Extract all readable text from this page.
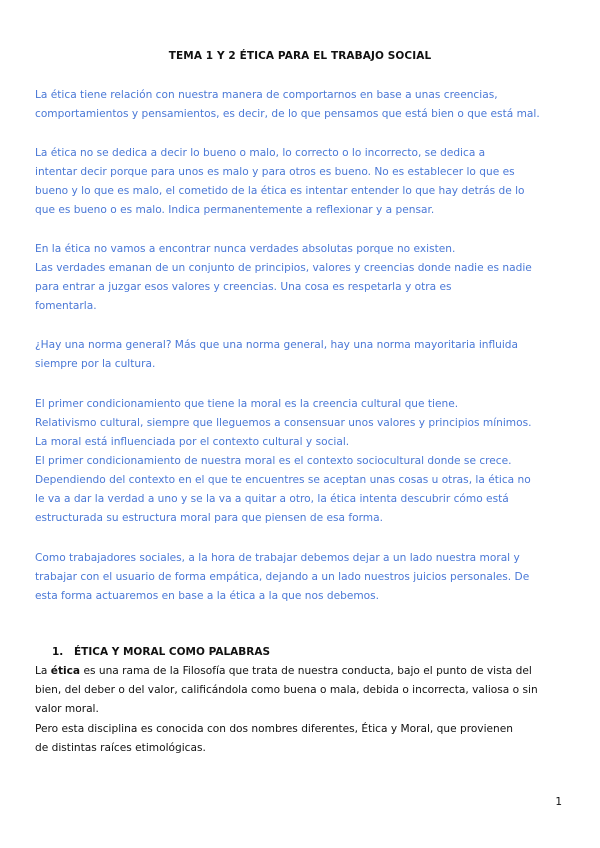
TEMA 1 Y 2 ÉTICA PARA EL TRABAJO SOCIAL

La ética tiene relación con nuestra manera de comportarnos en base a unas creencias,
comportamientos y pensamientos, es decir, de lo que pensamos que está bien o que está mal.

La ética no se dedica a decir lo bueno o malo, lo correcto o lo incorrecto, se dedica a
intentar decir porque para unos es malo y para otros es bueno. No es establecer lo que es
bueno y lo que es malo, el cometido de la ética es intentar entender lo que hay detrás de lo
que es bueno o es malo. Indica permanentemente a reflexionar y a pensar.

En la ética no vamos a encontrar nunca verdades absolutas porque no existen.
Las verdades emanan de un conjunto de principios, valores y creencias donde nadie es nadie
para entrar a juzgar esos valores y creencias. Una cosa es respetarla y otra es
fomentarla.

¿Hay una norma general? Más que una norma general, hay una norma mayoritaria influida
siempre por la cultura.

El primer condicionamiento que tiene la moral es la creencia cultural que tiene.
Relativismo cultural, siempre que lleguemos a consensuar unos valores y principios mínimos.
La moral está influenciada por el contexto cultural y social.
El primer condicionamiento de nuestra moral es el contexto sociocultural donde se crece.
Dependiendo del contexto en el que te encuentres se aceptan unas cosas u otras, la ética no
le va a dar la verdad a uno y se la va a quitar a otro, la ética intenta descubrir cómo está
estructurada su estructura moral para que piensen de esa forma.

Como trabajadores sociales, a la hora de trabajar debemos dejar a un lado nuestra moral y
trabajar con el usuario de forma empática, dejando a un lado nuestros juicios personales. De
esta forma actuaremos en base a la ética a la que nos debemos.

1. ÉTICA Y MORAL COMO PALABRAS

La ética es una rama de la Filosofía que trata de nuestra conducta, bajo el punto de vista del
bien, del deber o del valor, calificándola como buena o mala, debida o incorrecta, valiosa o sin
valor moral.

Pero esta disciplina es conocida con dos nombres diferentes, Ética y Moral, que provienen
de distintas raíces etimológicas.

1
